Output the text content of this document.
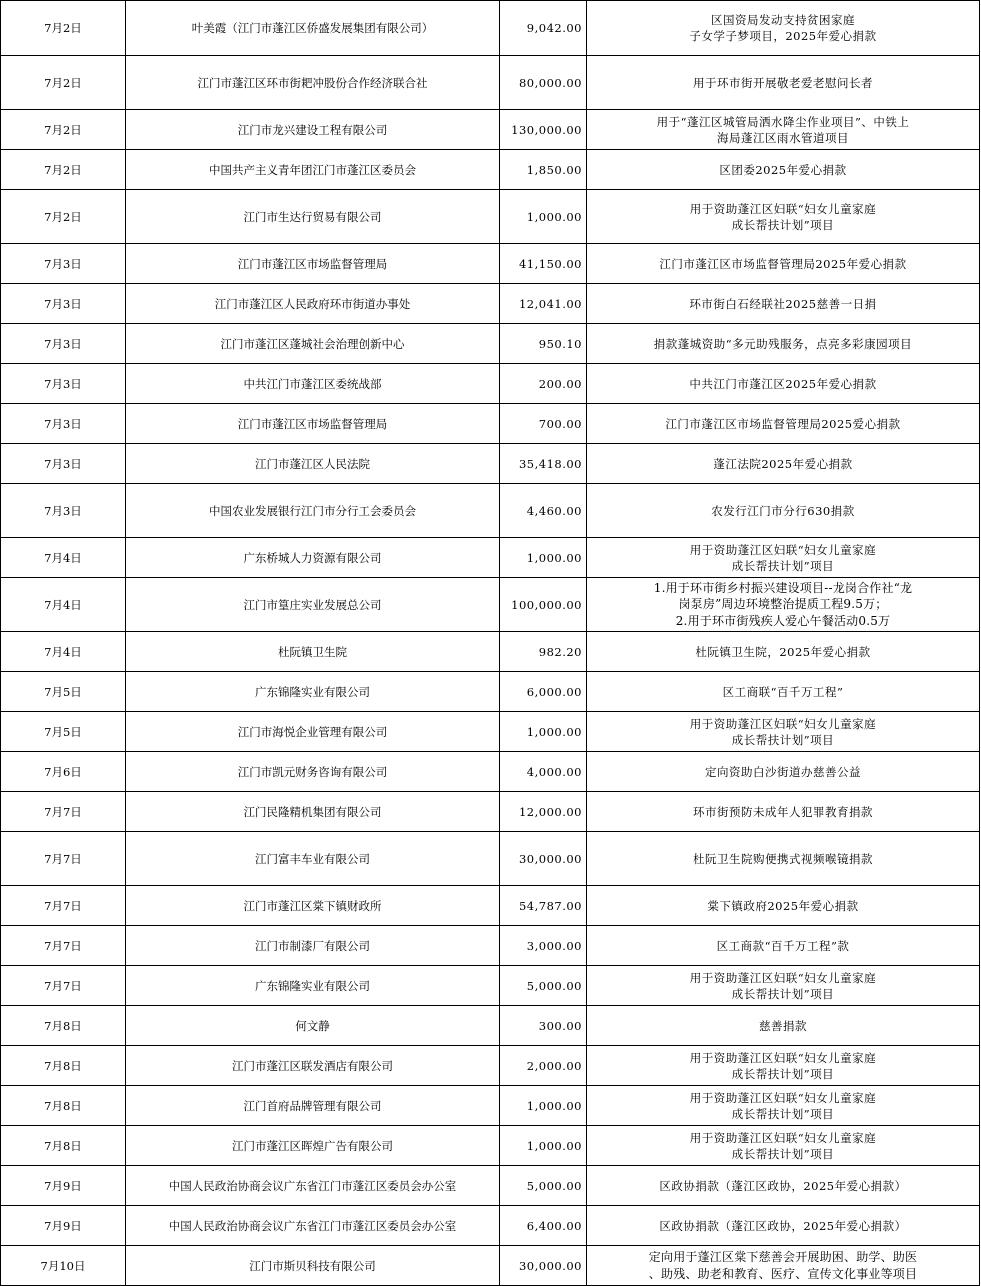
7月2日	叶美霞（江门市蓬江区侨盛发展集团有限公司）	9,042.00	区国资局发动支持贫困家庭
子女学子梦项目，2025年爱心捐款

7月2日	江门市蓬江区环市街耙冲股份合作经济联合社	80,000.00	用于环市街开展敬老爱老慰问长者

7月2日	江门市龙兴建设工程有限公司	130,000.00	用于“蓬江区城管局洒水降尘作业项目”、中铁上
海局蓬江区雨水管道项目

7月2日	中国共产主义青年团江门市蓬江区委员会	1,850.00	区团委2025年爱心捐款

7月2日	江门市生达行贸易有限公司	1,000.00	用于资助蓬江区妇联“妇女儿童家庭
成长帮扶计划”项目

7月3日	江门市蓬江区市场监督管理局	41,150.00	江门市蓬江区市场监督管理局2025年爱心捐款

7月3日	江门市蓬江区人民政府环市街道办事处	12,041.00	环市街白石经联社2025慈善一日捐

7月3日	江门市蓬江区蓬城社会治理创新中心	950.10	捐款蓬城资助“多元助残服务，点亮多彩康园项目

7月3日	中共江门市蓬江区委统战部	200.00	中共江门市蓬江区2025年爱心捐款

7月3日	江门市蓬江区市场监督管理局	700.00	江门市蓬江区市场监督管理局2025爱心捐款

7月3日	江门市蓬江区人民法院	35,418.00	蓬江法院2025年爱心捐款

7月3日	中国农业发展银行江门市分行工会委员会	4,460.00	农发行江门市分行630捐款

7月4日	广东桥城人力资源有限公司	1,000.00	用于资助蓬江区妇联“妇女儿童家庭
成长帮扶计划”项目

7月4日	江门市篁庄实业发展总公司	100,000.00	1.用于环市街乡村振兴建设项目--龙岗合作社“龙
岗泵房”周边环境整治提质工程9.5万；
2.用于环市街残疾人爱心午餐活动0.5万

7月4日	杜阮镇卫生院	982.20	杜阮镇卫生院，2025年爱心捐款

7月5日	广东锦隆实业有限公司	6,000.00	区工商联“百千万工程”

7月5日	江门市海悦企业管理有限公司	1,000.00	用于资助蓬江区妇联“妇女儿童家庭
成长帮扶计划”项目

7月6日	江门市凯元财务咨询有限公司	4,000.00	定向资助白沙街道办慈善公益

7月7日	江门民隆精机集团有限公司	12,000.00	环市街预防未成年人犯罪教育捐款

7月7日	江门富丰车业有限公司	30,000.00	杜阮卫生院购便携式视频喉镜捐款

7月7日	江门市蓬江区棠下镇财政所	54,787.00	棠下镇政府2025年爱心捐款

7月7日	江门市制漆厂有限公司	3,000.00	区工商款“百千万工程”款

7月7日	广东锦隆实业有限公司	5,000.00	用于资助蓬江区妇联“妇女儿童家庭
成长帮扶计划”项目

7月8日	何文静	300.00	慈善捐款

7月8日	江门市蓬江区联发酒店有限公司	2,000.00	用于资助蓬江区妇联“妇女儿童家庭
成长帮扶计划”项目

7月8日	江门首府品牌管理有限公司	1,000.00	用于资助蓬江区妇联“妇女儿童家庭
成长帮扶计划”项目

7月8日	江门市蓬江区晖煌广告有限公司	1,000.00	用于资助蓬江区妇联“妇女儿童家庭
成长帮扶计划”项目

7月9日	中国人民政治协商会议广东省江门市蓬江区委员会办公室	5,000.00	区政协捐款（蓬江区政协，2025年爱心捐款）

7月9日	中国人民政治协商会议广东省江门市蓬江区委员会办公室	6,400.00	区政协捐款（蓬江区政协，2025年爱心捐款）

7月10日	江门市斯贝科技有限公司	30,000.00	定向用于蓬江区棠下慈善会开展助困、助学、助医
、助残、助老和教育、医疗、宣传文化事业等项目
